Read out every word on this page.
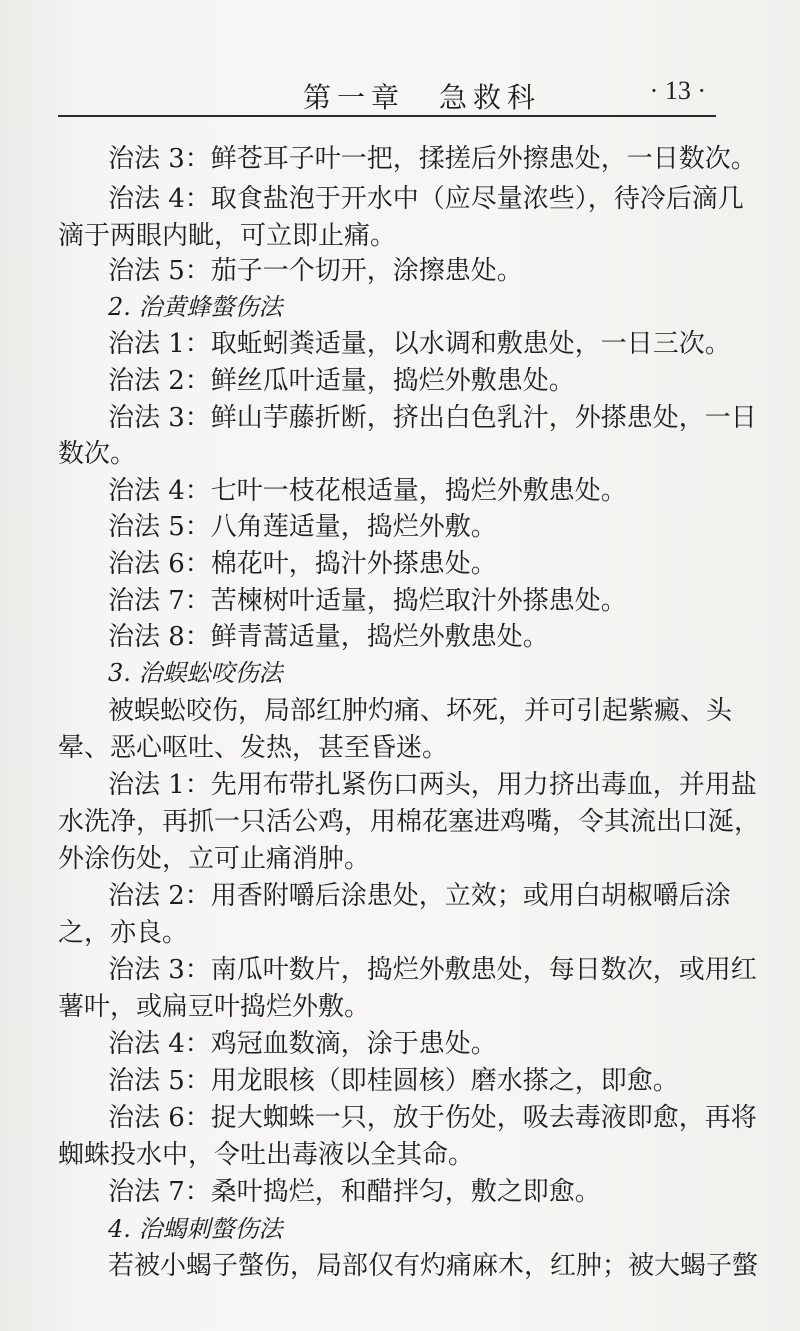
第一章　急救科	· 13 ·
治法 3：鲜苍耳子叶一把，揉搓后外擦患处，一日数次。
治法 4：取食盐泡于开水中（应尽量浓些），待冷后滴几
滴于两眼内眦，可立即止痛。
治法 5：茄子一个切开，涂擦患处。
2. 治黄蜂螫伤法
治法 1：取蚯蚓粪适量，以水调和敷患处，一日三次。
治法 2：鲜丝瓜叶适量，捣烂外敷患处。
治法 3：鲜山芋藤折断，挤出白色乳汁，外搽患处，一日
数次。
治法 4：七叶一枝花根适量，捣烂外敷患处。
治法 5：八角莲适量，捣烂外敷。
治法 6：棉花叶，捣汁外搽患处。
治法 7：苦楝树叶适量，捣烂取汁外搽患处。
治法 8：鲜青蒿适量，捣烂外敷患处。
3. 治蜈蚣咬伤法
被蜈蚣咬伤，局部红肿灼痛、坏死，并可引起紫癜、头
晕、恶心呕吐、发热，甚至昏迷。
治法 1：先用布带扎紧伤口两头，用力挤出毒血，并用盐
水洗净，再抓一只活公鸡，用棉花塞进鸡嘴，令其流出口涎，
外涂伤处，立可止痛消肿。
治法 2：用香附嚼后涂患处，立效；或用白胡椒嚼后涂
之，亦良。
治法 3：南瓜叶数片，捣烂外敷患处，每日数次，或用红
薯叶，或扁豆叶捣烂外敷。
治法 4：鸡冠血数滴，涂于患处。
治法 5：用龙眼核（即桂圆核）磨水搽之，即愈。
治法 6：捉大蜘蛛一只，放于伤处，吸去毒液即愈，再将
蜘蛛投水中，令吐出毒液以全其命。
治法 7：桑叶捣烂，和醋拌匀，敷之即愈。
4. 治蝎刺螫伤法
若被小蝎子螫伤，局部仅有灼痛麻木，红肿；被大蝎子螫
